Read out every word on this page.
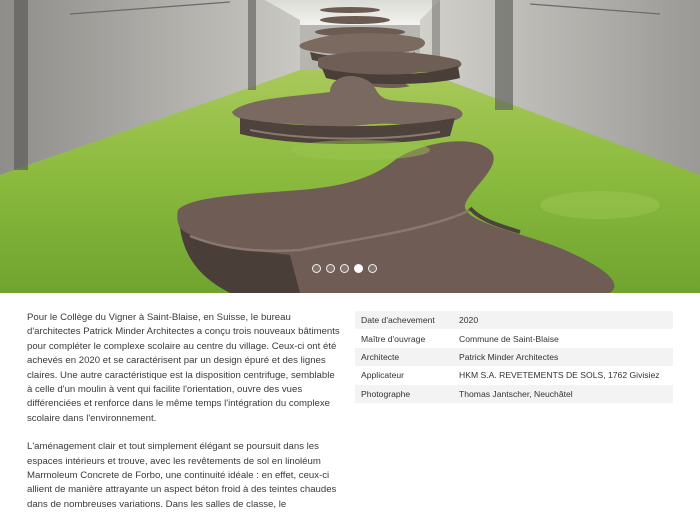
Pour le Collège du Vigner à Saint-Blaise, en Suisse, le bureau d'architectes Patrick Minder Architectes a conçu trois nouveaux bâtiments pour compléter le complexe scolaire au centre du village. Ceux-ci ont été achevés en 2020 et se caractérisent par un design épuré et des lignes claires. Une autre caractéristique est la disposition centrifuge, semblable à celle d'un moulin à vent qui facilite l'orientation, ouvre des vues différenciées et renforce dans le même temps l'intégration du complexe scolaire dans l'environnement.

L'aménagement clair et tout simplement élégant se poursuit dans les espaces intérieurs et trouve, avec les revêtements de sol en linoléum Marmoleum Concrete de Forbo, une continuité idéale : en effet, ceux-ci allient de manière attrayante un aspect béton froid à des teintes chaudes dans de nombreuses variations. Dans les salles de classe, le

Date d'achevement	2020
Maître d'ouvrage	Commune de Saint-Blaise
Architecte	Patrick Minder Architectes
Applicateur	HKM S.A. REVETEMENTS DE SOLS, 1762 Givisiez
Photographe	Thomas Jantscher, Neuchâtel
